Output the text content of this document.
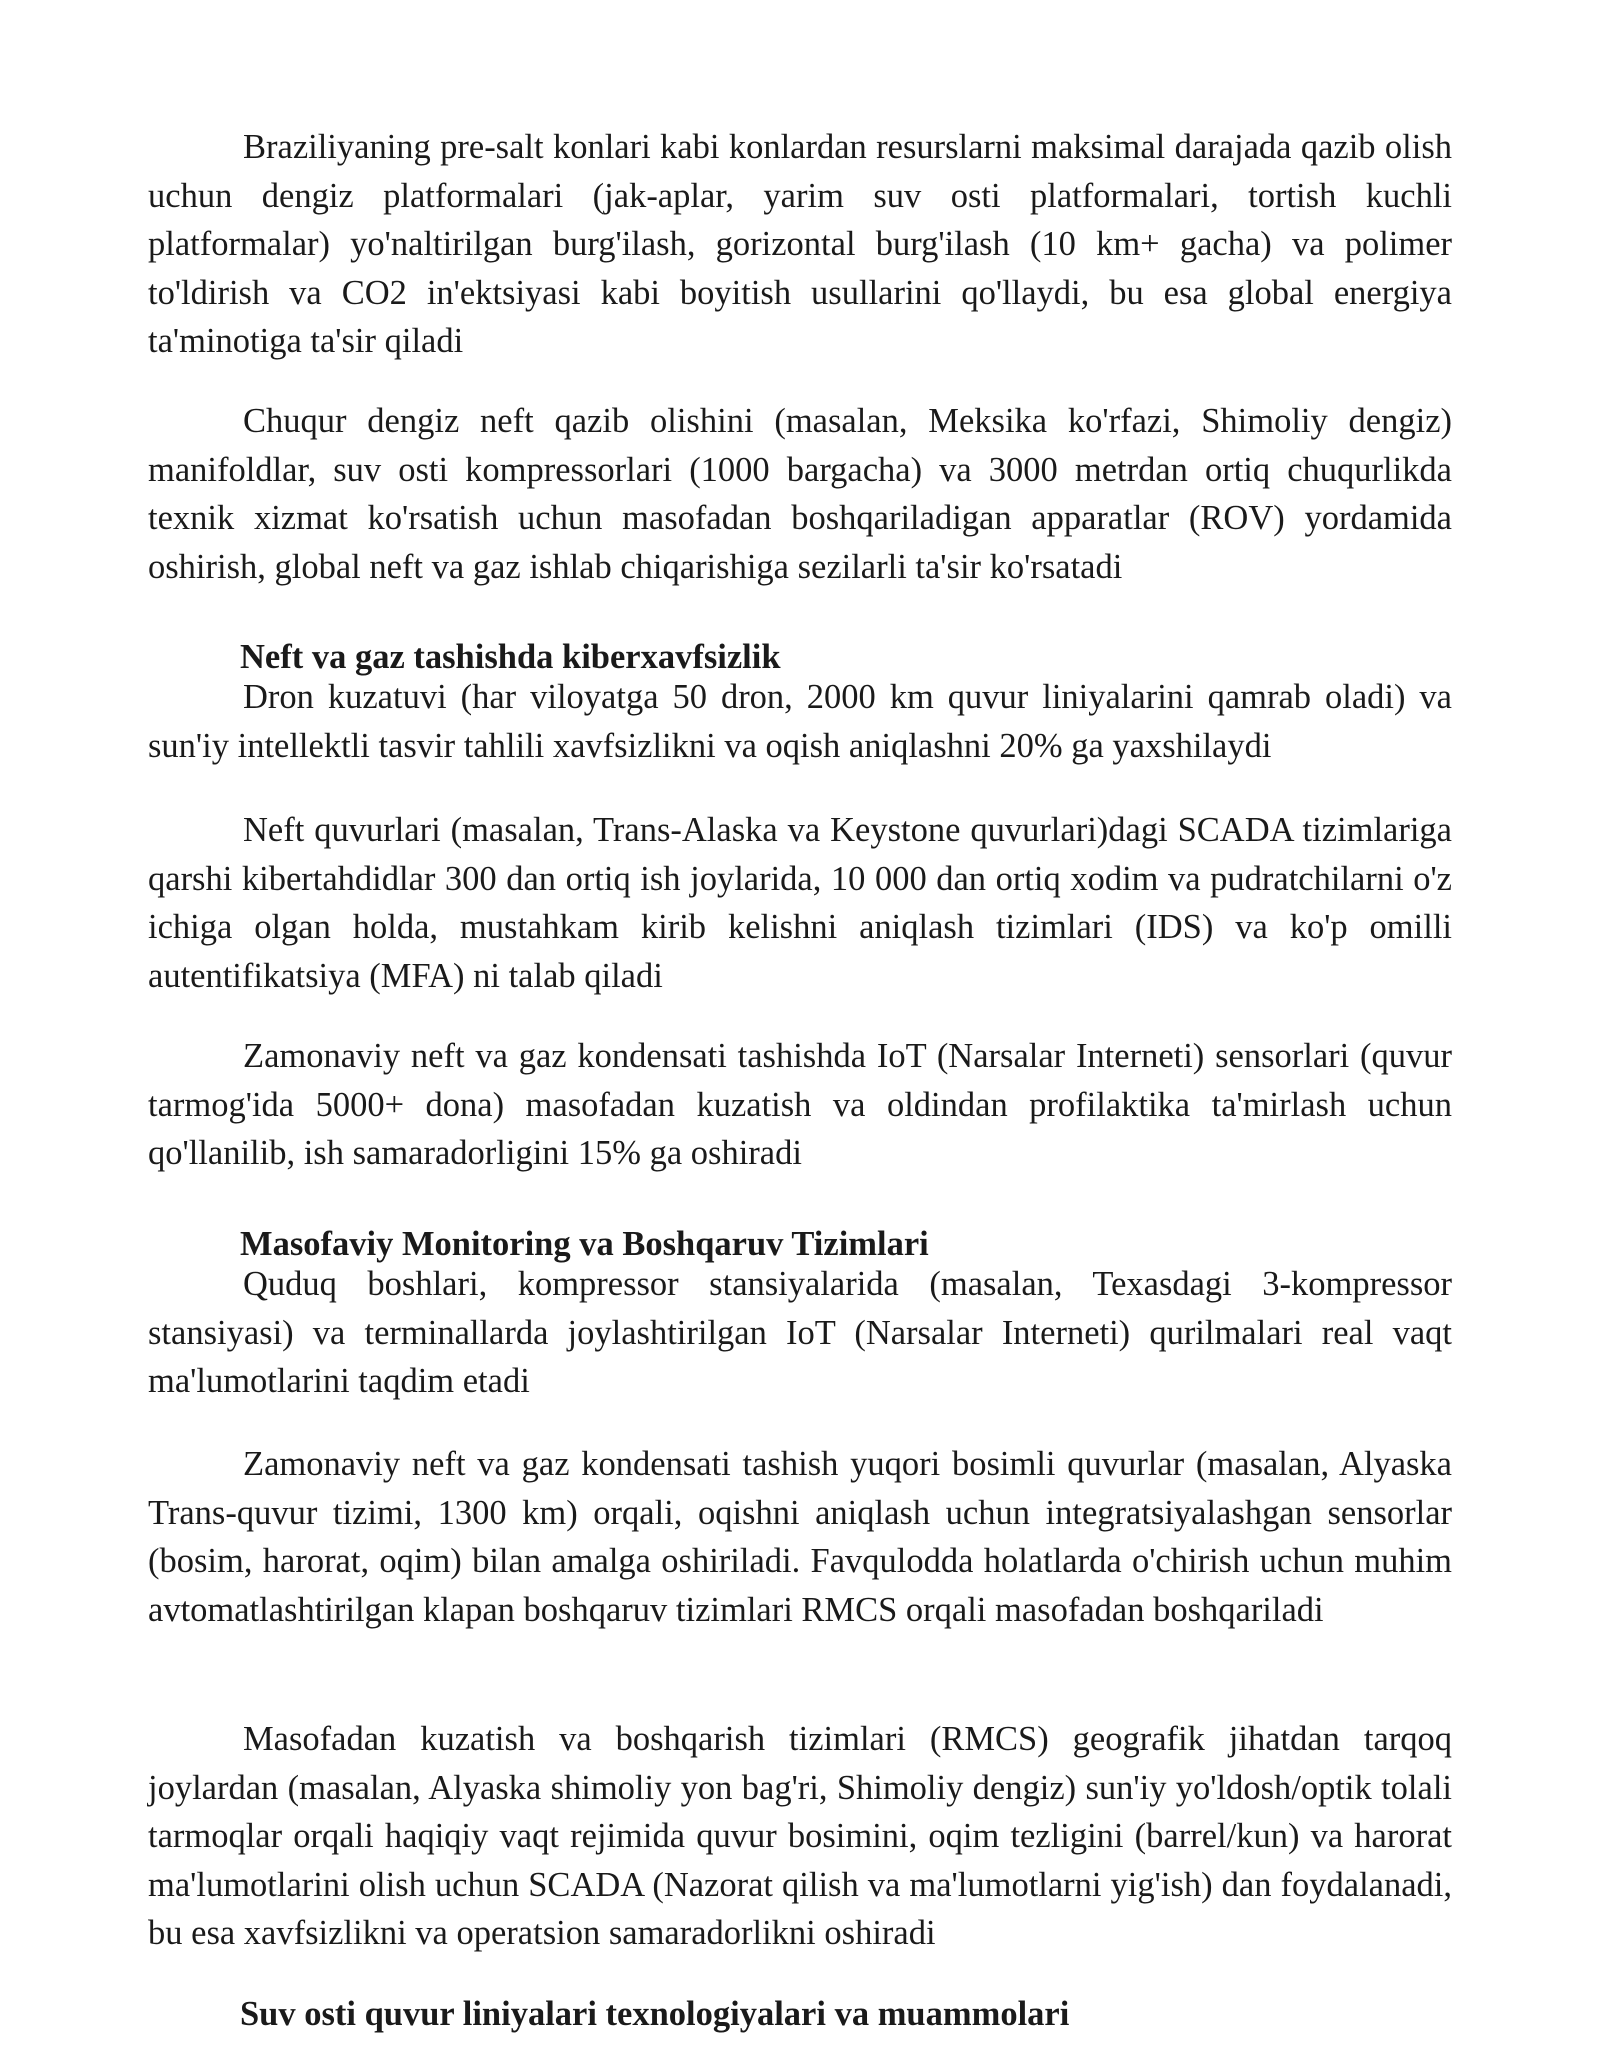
Braziliyaning pre-salt konlari kabi konlardan resurslarni maksimal darajada qazib olish uchun dengiz platformalari (jak-aplar, yarim suv osti platformalari, tortish kuchli platformalar) yo'naltirilgan burg'ilash, gorizontal burg'ilash (10 km+ gacha) va polimer to'ldirish va CO2 in'ektsiyasi kabi boyitish usullarini qo'llaydi, bu esa global energiya ta'minotiga ta'sir qiladi

Chuqur dengiz neft qazib olishini (masalan, Meksika ko'rfazi, Shimoliy dengiz) manifoldlar, suv osti kompressorlari (1000 bargacha) va 3000 metrdan ortiq chuqurlikda texnik xizmat ko'rsatish uchun masofadan boshqariladigan apparatlar (ROV) yordamida oshirish, global neft va gaz ishlab chiqarishiga sezilarli ta'sir ko'rsatadi

Neft va gaz tashishda kiberxavfsizlik

Dron kuzatuvi (har viloyatga 50 dron, 2000 km quvur liniyalarini qamrab oladi) va sun'iy intellektli tasvir tahlili xavfsizlikni va oqish aniqlashni 20% ga yaxshilaydi

Neft quvurlari (masalan, Trans-Alaska va Keystone quvurlari)dagi SCADA tizimlariga qarshi kibertahdidlar 300 dan ortiq ish joylarida, 10 000 dan ortiq xodim va pudratchilarni o'z ichiga olgan holda, mustahkam kirib kelishni aniqlash tizimlari (IDS) va ko'p omilli autentifikatsiya (MFA) ni talab qiladi

Zamonaviy neft va gaz kondensati tashishda IoT (Narsalar Interneti) sensorlari (quvur tarmog'ida 5000+ dona) masofadan kuzatish va oldindan profilaktika ta'mirlash uchun qo'llanilib, ish samaradorligini 15% ga oshiradi

Masofaviy Monitoring va Boshqaruv Tizimlari

Quduq boshlari, kompressor stansiyalarida (masalan, Texasdagi 3-kompressor stansiyasi) va terminallarda joylashtirilgan IoT (Narsalar Interneti) qurilmalari real vaqt ma'lumotlarini taqdim etadi

Zamonaviy neft va gaz kondensati tashish yuqori bosimli quvurlar (masalan, Alyaska Trans-quvur tizimi, 1300 km) orqali, oqishni aniqlash uchun integratsiyalashgan sensorlar (bosim, harorat, oqim) bilan amalga oshiriladi. Favqulodda holatlarda o'chirish uchun muhim avtomatlashtirilgan klapan boshqaruv tizimlari RMCS orqali masofadan boshqariladi

Masofadan kuzatish va boshqarish tizimlari (RMCS) geografik jihatdan tarqoq joylardan (masalan, Alyaska shimoliy yon bag'ri, Shimoliy dengiz) sun'iy yo'ldosh/optik tolali tarmoqlar orqali haqiqiy vaqt rejimida quvur bosimini, oqim tezligini (barrel/kun) va harorat ma'lumotlarini olish uchun SCADA (Nazorat qilish va ma'lumotlarni yig'ish) dan foydalanadi, bu esa xavfsizlikni va operatsion samaradorlikni oshiradi

Suv osti quvur liniyalari texnologiyalari va muammolari
